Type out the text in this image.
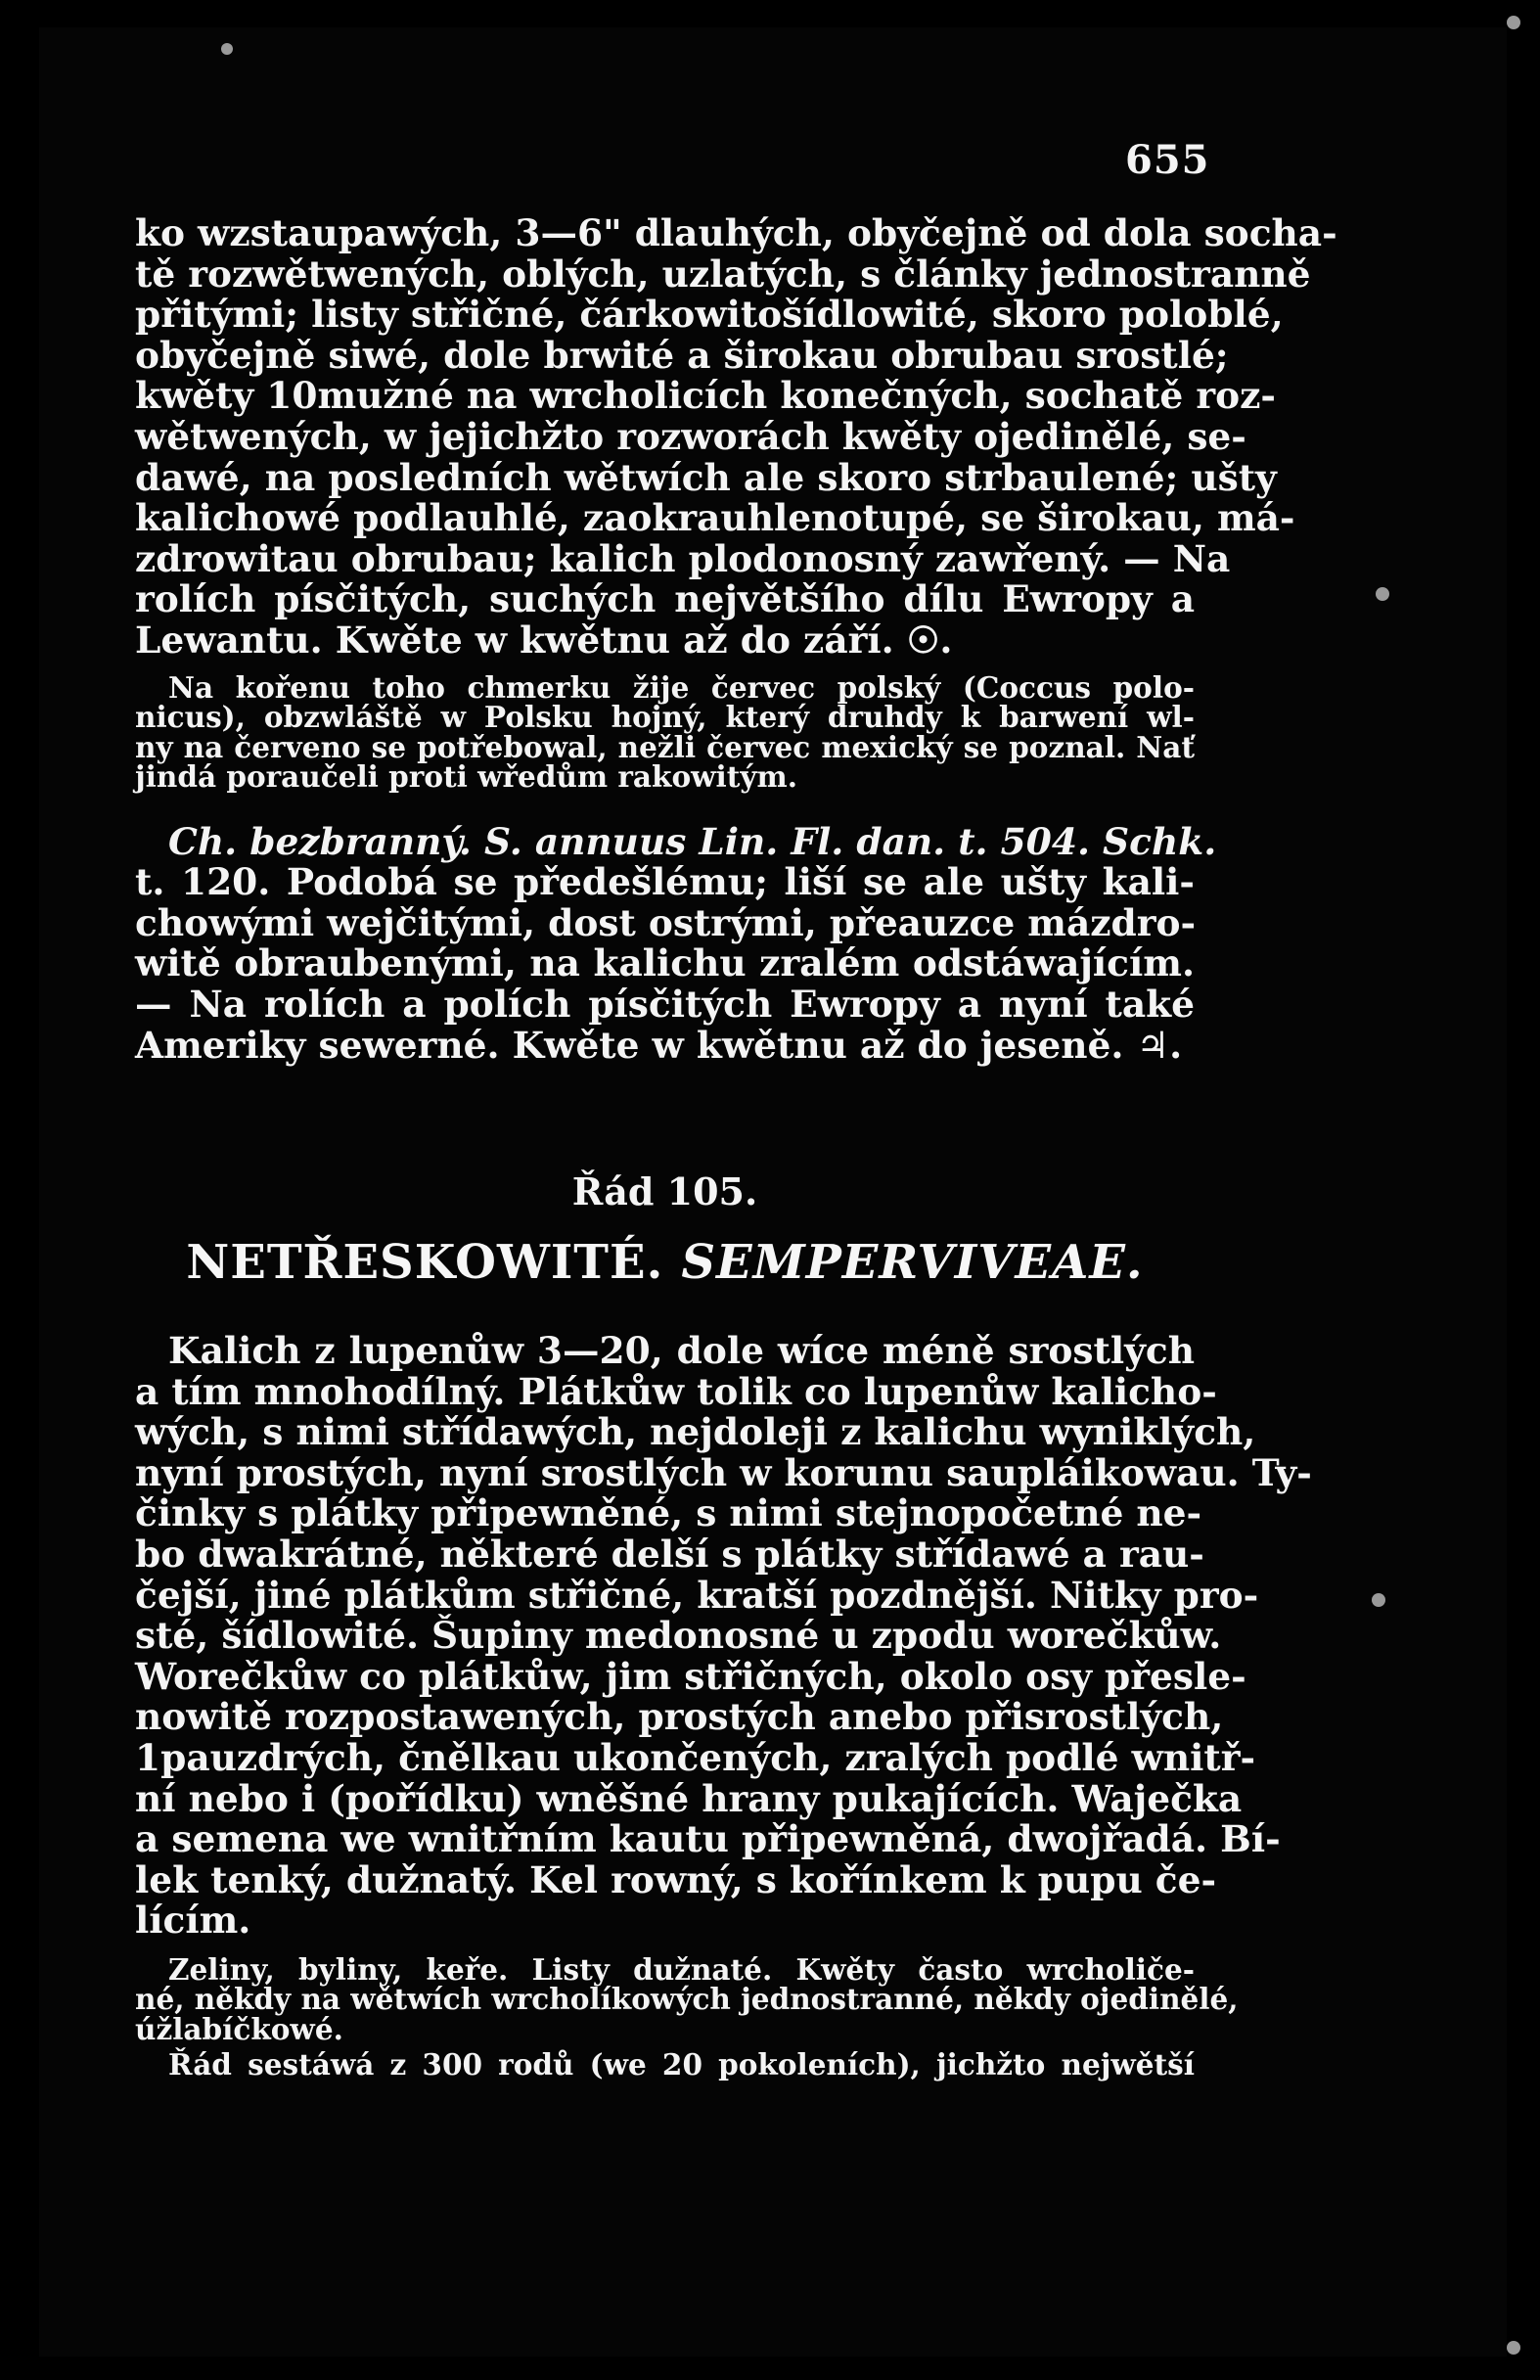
655
ko wzstaupawých, 3—6" dlauhých, obyčejně od dola socha-
tě rozwětwených, oblých, uzlatých, s články jednostranně
přitými; listy střičné, čárkowitošídlowité, skoro poloblé,
obyčejně siwé, dole brwité a širokau obrubau srostlé;
kwěty 10mužné na wrcholicích konečných, sochatě roz-
wětwených, w jejichžto rozworách kwěty ojedinělé, se-
dawé, na posledních wětwích ale skoro strbaulené; ušty
kalichowé podlauhlé, zaokrauhlenotupé, se širokau, má-
zdrowitau obrubau; kalich plodonosný zawřený. — Na
rolích písčitých, suchých největšího dílu Ewropy a
Lewantu. Kwěte w kwětnu až do září. ☉.
Na kořenu toho chmerku žije červec polský (Coccus polo-
nicus), obzwláště w Polsku hojný, který druhdy k barwení wl-
ny na červeno se potřebowal, nežli červec mexický se poznal. Nať
jindá poraučeli proti wředům rakowitým.
Ch. bezbranný. S. annuus Lin. Fl. dan. t. 504. Schk.
t. 120. Podobá se předešlému; liší se ale ušty kali-
chowými wejčitými, dost ostrými, přeauzce mázdro-
witě obraubenými, na kalichu zralém odstáwajícím.
— Na rolích a polích písčitých Ewropy a nyní také
Ameriky sewerné. Kwěte w kwětnu až do jeseně. ♃.
Řád 105.
NETŘESKOWITÉ. SEMPERVIVEAE.
Kalich z lupenůw 3—20, dole wíce méně srostlých
a tím mnohodílný. Plátkůw tolik co lupenůw kalicho-
wých, s nimi střídawých, nejdoleji z kalichu wyniklých,
nyní prostých, nyní srostlých w korunu saupláikowau. Ty-
činky s plátky připewněné, s nimi stejnopočetné ne-
bo dwakrátné, některé delší s plátky střídawé a rau-
čejší, jiné plátkům střičné, kratší pozdnější. Nitky pro-
sté, šídlowité. Šupiny medonosné u zpodu worečkůw.
Worečkůw co plátkůw, jim střičných, okolo osy přesle-
nowitě rozpostawených, prostých anebo přisrostlých,
1pauzdrých, čnělkau ukončených, zralých podlé wnitř-
ní nebo i (pořídku) wněšné hrany pukajících. Waječka
a semena we wnitřním kautu připewněná, dwojřadá. Bí-
lek tenký, dužnatý. Kel rowný, s kořínkem k pupu če-
lícím.
Zeliny, byliny, keře. Listy dužnaté. Kwěty často wrcholiče-
né, někdy na wětwích wrcholíkowých jednostranné, někdy ojedinělé,
úžlabíčkowé.
Řád sestáwá z 300 rodů (we 20 pokoleních), jichžto nejwětší
